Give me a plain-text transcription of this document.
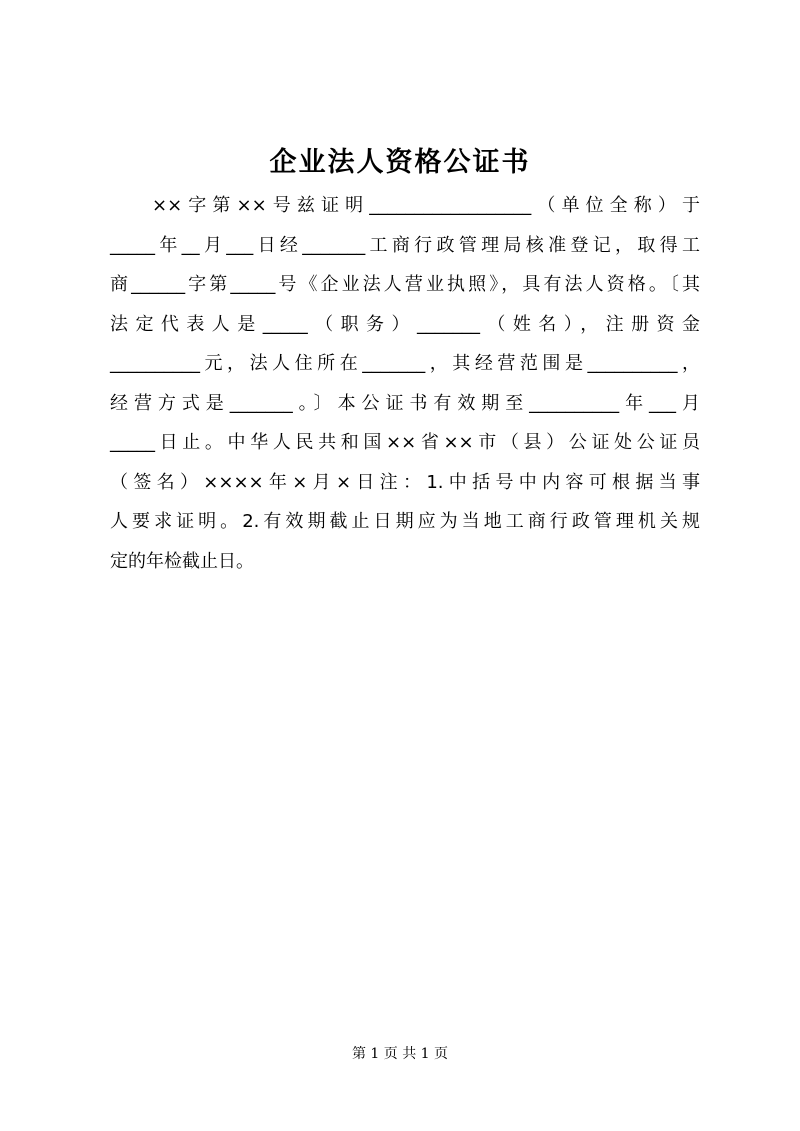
企业法人资格公证书
××字第××号兹证明__________________（单位全称）于
_____年__月___日经_______工商行政管理局核准登记，取得工
商______字第_____号《企业法人营业执照》，具有法人资格。〔其
法定代表人是_____（职务）_______（姓名），注册资金
__________元，法人住所在_______，其经营范围是__________，
经营方式是_______。〕本公证书有效期至__________年___月
_____日止。中华人民共和国××省××市（县）公证处公证员
（签名）××××年×月×日注：1.中括号中内容可根据当事
人要求证明。2.有效期截止日期应为当地工商行政管理机关规
定的年检截止日。
第 1 页 共 1 页
